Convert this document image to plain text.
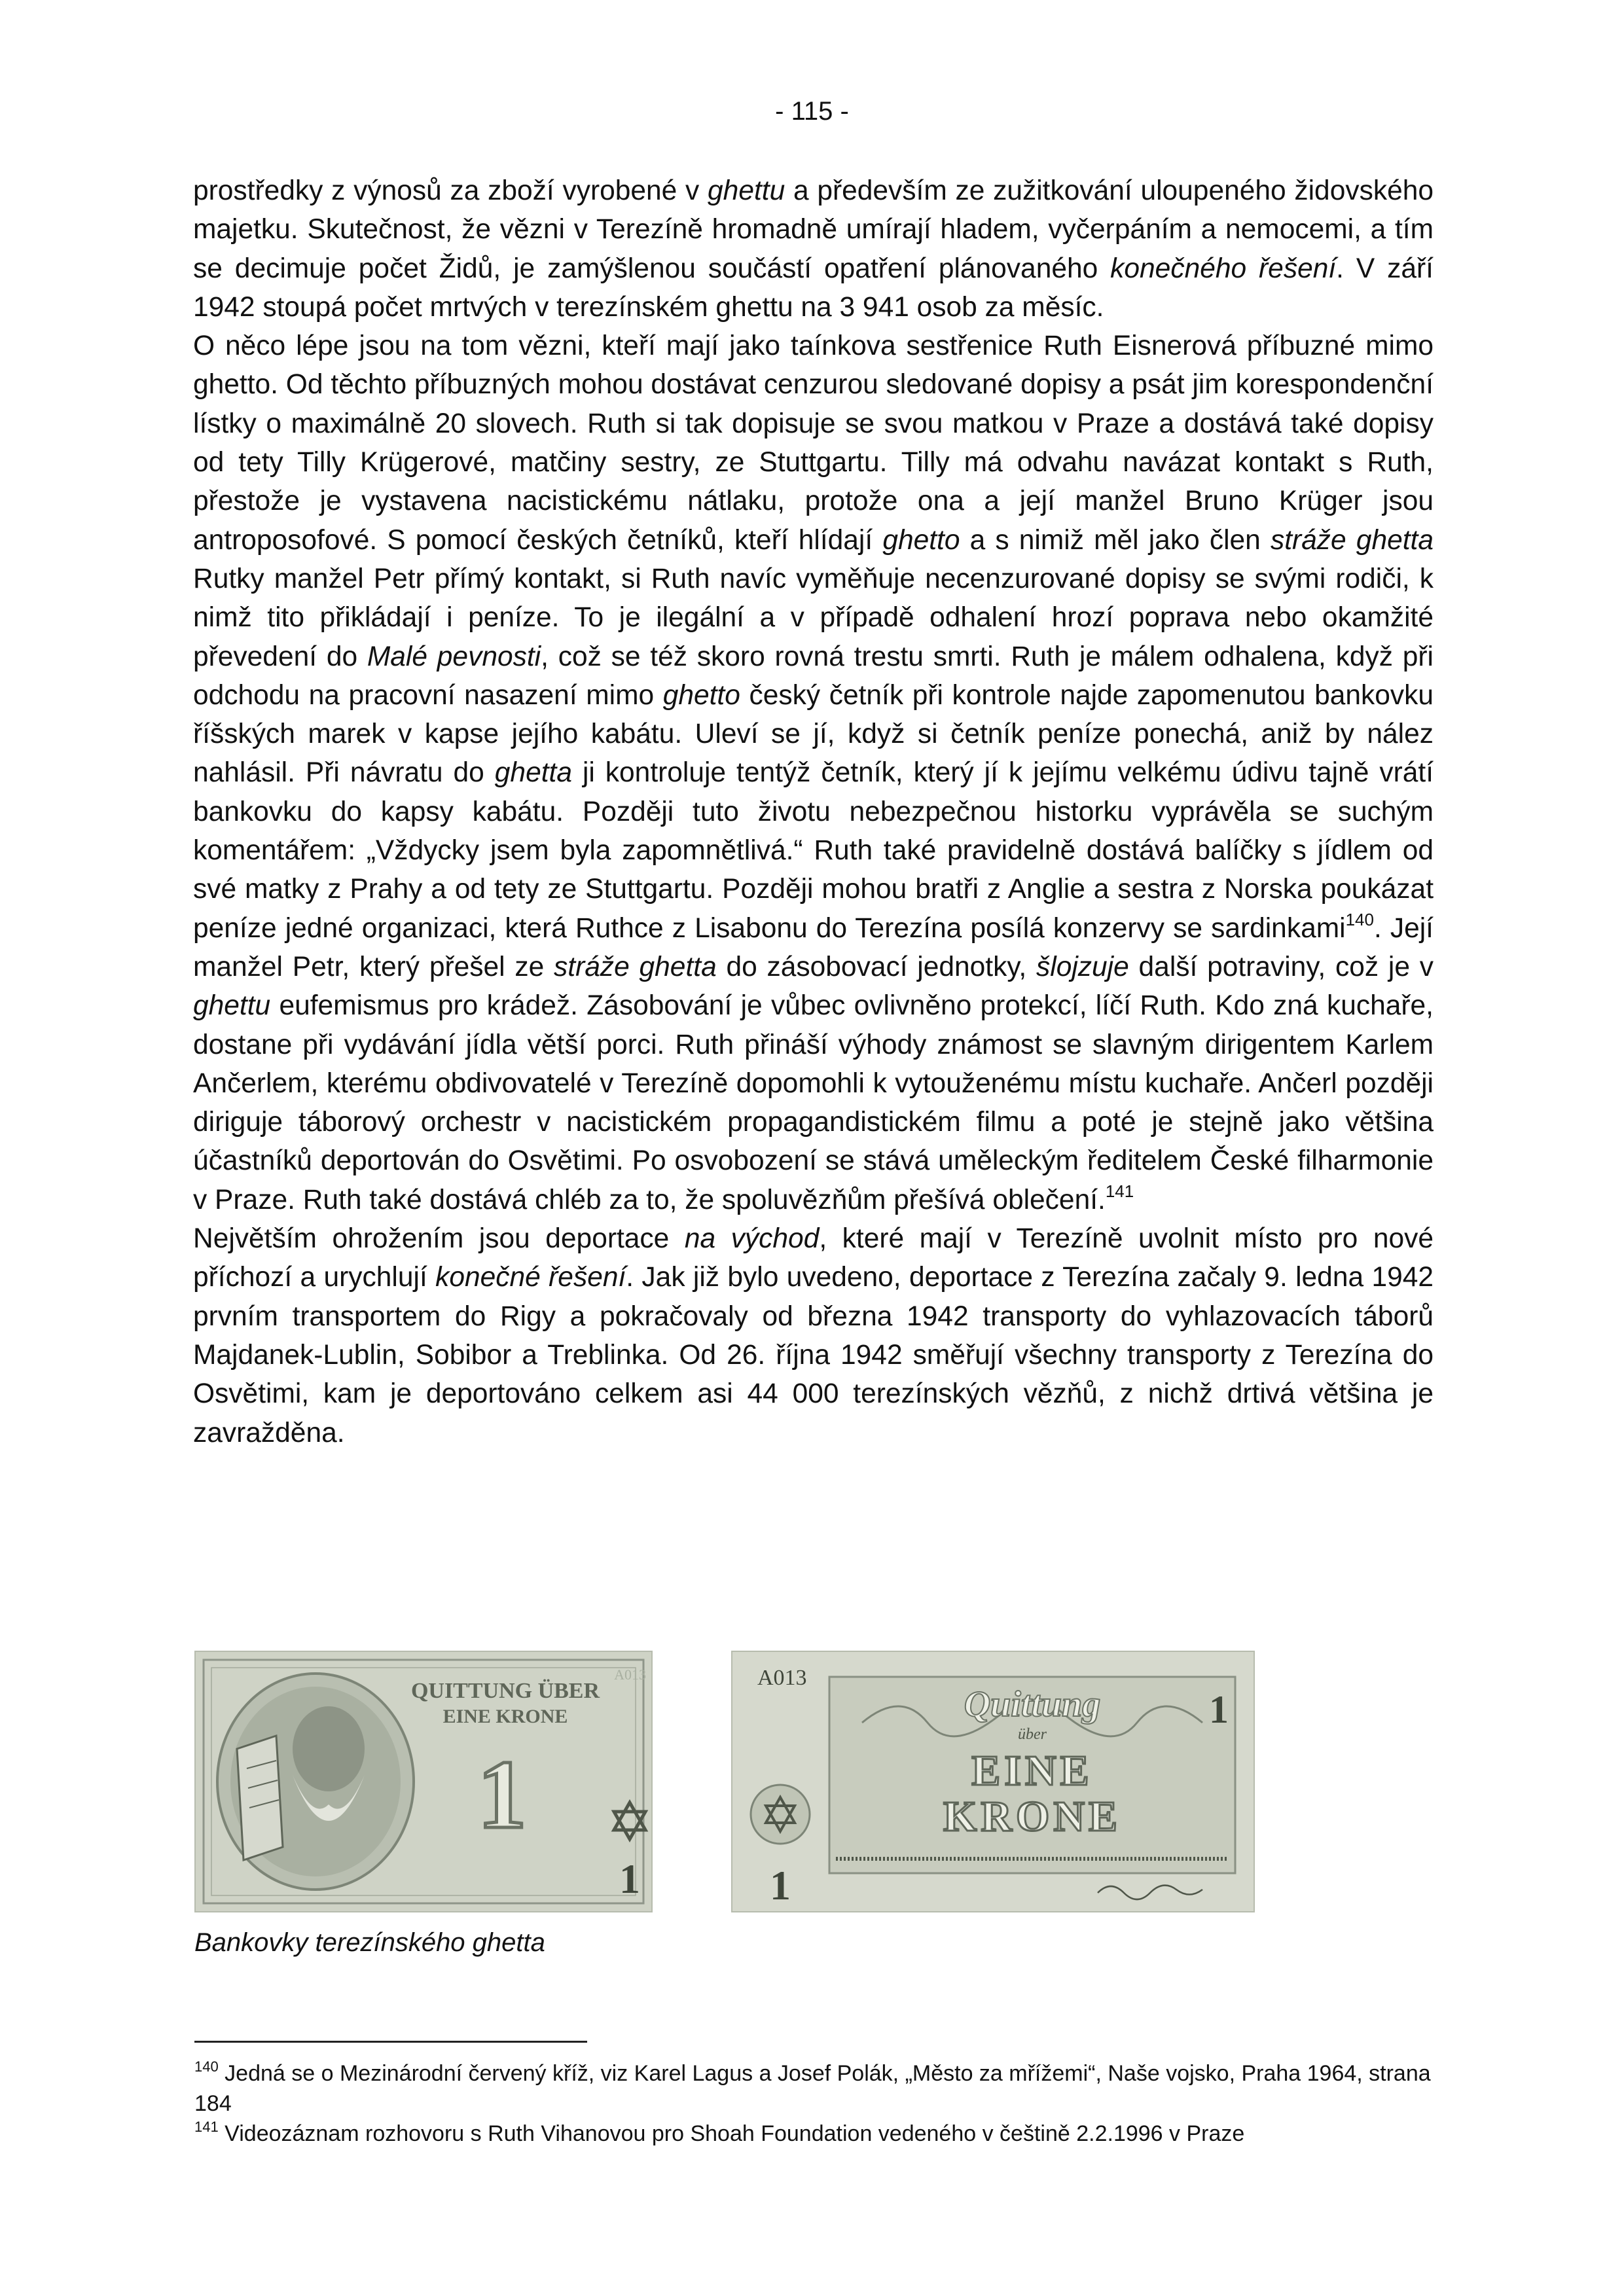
- 115 -

prostředky z výnosů za zboží vyrobené v ghettu a především ze zužitkování uloupeného židovského majetku. Skutečnost, že vězni v Terezíně hromadně umírají hladem, vyčerpáním a nemocemi, a tím se decimuje počet Židů, je zamýšlenou součástí opatření plánovaného konečného řešení. V září 1942 stoupá počet mrtvých v terezínském ghettu na 3 941 osob za měsíc.

O něco lépe jsou na tom vězni, kteří mají jako taínkova sestřenice Ruth Eisnerová příbuzné mimo ghetto. Od těchto příbuzných mohou dostávat cenzurou sledované dopisy a psát jim korespondenční lístky o maximálně 20 slovech. Ruth si tak dopisuje se svou matkou v Praze a dostává také dopisy od tety Tilly Krügerové, matčiny sestry, ze Stuttgartu. Tilly má odvahu navázat kontakt s Ruth, přestože je vystavena nacistickému nátlaku, protože ona a její manžel Bruno Krüger jsou antroposofové. S pomocí českých četníků, kteří hlídají ghetto a s nimiž měl jako člen stráže ghetta Rutky manžel Petr přímý kontakt, si Ruth navíc vyměňuje necenzurované dopisy se svými rodiči, k nimž tito přikládají i peníze. To je ilegální a v případě odhalení hrozí poprava nebo okamžité převedení do Malé pevnosti, což se též skoro rovná trestu smrti. Ruth je málem odhalena, když při odchodu na pracovní nasazení mimo ghetto český četník při kontrole najde zapomenutou bankovku říšských marek v kapse jejího kabátu. Uleví se jí, když si četník peníze ponechá, aniž by nález nahlásil. Při návratu do ghetta ji kontroluje tentýž četník, který jí k jejímu velkému údivu tajně vrátí bankovku do kapsy kabátu. Později tuto životu nebezpečnou historku vyprávěla se suchým komentářem: „Vždycky jsem byla zapomnětlivá.“ Ruth také pravidelně dostává balíčky s jídlem od své matky z Prahy a od tety ze Stuttgartu. Později mohou bratři z Anglie a sestra z Norska poukázat peníze jedné organizaci, která Ruthce z Lisabonu do Terezína posílá konzervy se sardinkami$^{140}$. Její manžel Petr, který přešel ze stráže ghetta do zásobovací jednotky, šlojzuje další potraviny, což je v ghettu eufemismus pro krádež. Zásobování je vůbec ovlivněno protekcí, líčí Ruth. Kdo zná kuchaře, dostane při vydávání jídla větší porci. Ruth přináší výhody známost se slavným dirigentem Karlem Ančerlem, kterému obdivovatelé v Terezíně dopomohli k vytouženému místu kuchaře. Ančerl později diriguje táborový orchestr v nacistickém propagandistickém filmu a poté je stejně jako většina účastníků deportován do Osvětimi. Po osvobození se stává uměleckým ředitelem České filharmonie v Praze. Ruth také dostává chléb za to, že spoluvězňům přešívá oblečení.$^{141}$

Největším ohrožením jsou deportace na východ, které mají v Terezíně uvolnit místo pro nové příchozí a urychlují konečné řešení. Jak již bylo uvedeno, deportace z Terezína začaly 9. ledna 1942 prvním transportem do Rigy a pokračovaly od března 1942 transporty do vyhlazovacích táborů Majdanek-Lublin, Sobibor a Treblinka. Od 26. října 1942 směřují všechny transporty z Terezína do Osvětimi, kam je deportováno celkem asi 44 000 terezínských vězňů, z nichž drtivá většina je zavražděna.

QUITTUNG ÜBER
EINE KRONE
A013
1
1
A013
Quittung
über
EINE
KRONE
1
1
Bankovky terezínského ghetta

$^{140}$ Jedná se o Mezinárodní červený kříž, viz Karel Lagus a Josef Polák, „Město za mřížemi“, Naše vojsko, Praha 1964, strana 184

$^{141}$ Videozáznam rozhovoru s Ruth Vihanovou pro Shoah Foundation vedeného v češtině 2.2.1996 v Praze
